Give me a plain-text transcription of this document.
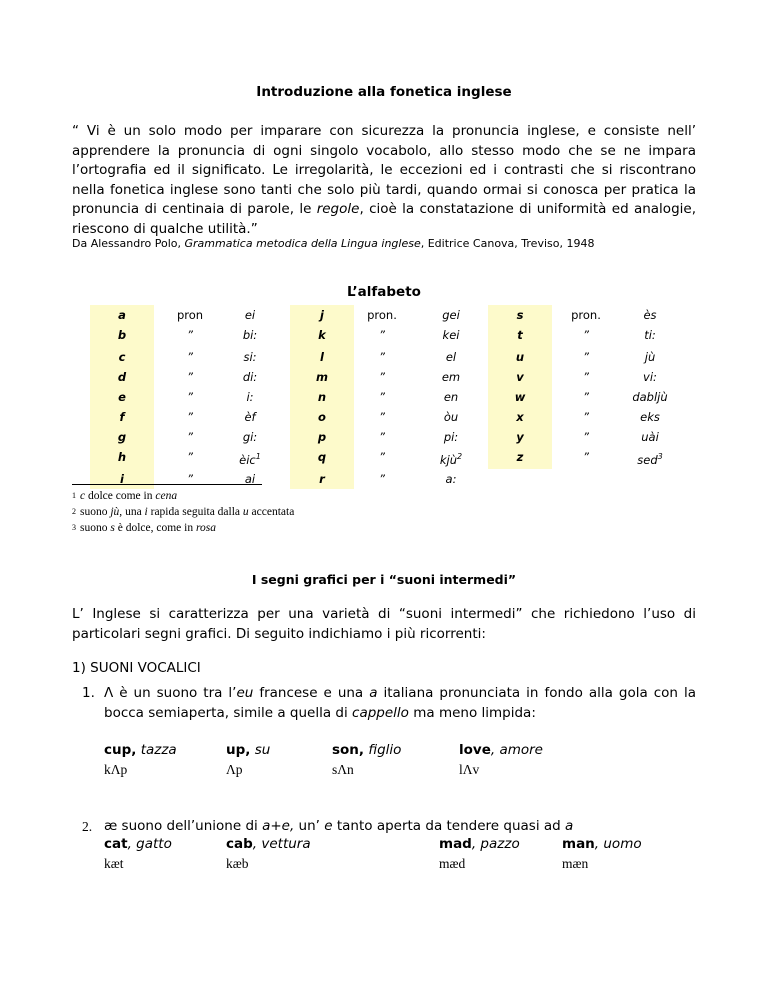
Introduzione alla fonetica inglese
“ Vi è un solo modo per imparare con sicurezza la pronuncia inglese, e consiste nell’ apprendere la pronuncia di ogni singolo vocabolo, allo stesso modo che se ne impara l’ortografia ed il significato. Le irregolarità, le eccezioni ed i contrasti che si riscontrano nella fonetica inglese sono tanti che solo più tardi, quando ormai si conosca per pratica la pronuncia di centinaia di parole, le regole, cioè la constatazione di uniformità ed analogie, riescono di qualche utilità.”
Da Alessandro Polo, Grammatica metodica della Lingua inglese, Editrice Canova, Treviso, 1948
L’alfabeto
a
b
c
d
e
f
g
h
i
pron
”
”
”
”
”
”
”
”
ei
bi:
si:
di:
i:
èf
gi:
èic$^1$
ai
j
k
l
m
n
o
p
q
r
pron.
”
”
”
”
”
”
”
”
gei
kei
el
em
en
òu
pi:
kjù$^2$
a:
s
t
u
v
w
x
y
z
pron.
”
”
”
”
”
”
”
ès
ti:
jù
vi:
dabljù
eks
uài
sed$^3$
$^1$ c dolce come in cena
$^2$ suono jù, una i rapida seguita dalla u accentata
$^3$ suono s è dolce, come in rosa
I segni grafici per i “suoni intermedi”
L’ Inglese si caratterizza per una varietà di “suoni intermedi” che richiedono l’uso di particolari segni grafici. Di seguito indichiamo i più ricorrenti:
1) SUONI VOCALICI
1. Λ è un suono tra l’eu francese e una a italiana pronunciata in fondo alla gola con la bocca semiaperta, simile a quella di cappello ma meno limpida:
cup, tazza
kΛp
up, su
Λp
son, figlio
sΛn
love, amore
lΛv
2. æ suono dell’unione di a+e, un’ e tanto aperta da tendere quasi ad a
cat, gatto
kæt
cab, vettura
kæb
mad, pazzo
mæd
man, uomo
mæn
